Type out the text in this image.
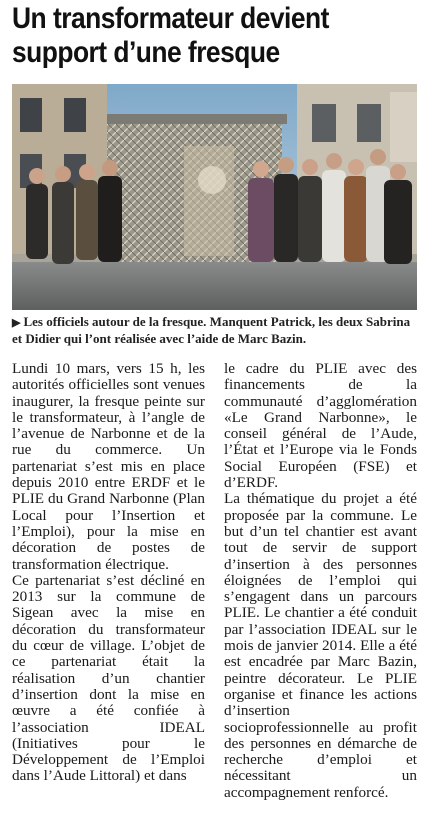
Un transformateur devient
support d’une fresque
▶ Les officiels autour de la fresque. Manquent Patrick, les deux Sabrina et Didier qui l’ont réalisée avec l’aide de Marc Bazin.

Lundi 10 mars, vers 15 h, les autorités officielles sont venues inaugurer, la fresque peinte sur le transformateur, à l’angle de l’avenue de Narbonne et de la rue du commerce. Un partenariat s’est mis en place depuis 2010 entre ERDF et le PLIE du Grand Narbonne (Plan Local pour l’Insertion et l’Emploi), pour la mise en décoration de postes de transformation électrique.

Ce partenariat s’est décliné en 2013 sur la commune de Sigean avec la mise en décoration du transformateur du cœur de village. L’objet de ce partenariat était la réalisation d’un chantier d’insertion dont la mise en œuvre a été confiée à l’association IDEAL (Initiatives pour le Développement de l’Emploi dans l’Aude Littoral) et dans

le cadre du PLIE avec des financements de la communauté d’agglomération «Le Grand Narbonne», le conseil général de l’Aude, l’État et l’Europe via le Fonds Social Européen (FSE) et d’ERDF.

La thématique du projet a été proposée par la commune. Le but d’un tel chantier est avant tout de servir de support d’insertion à des personnes éloignées de l’emploi qui s’engagent dans un parcours PLIE. Le chantier a été conduit par l’association IDEAL sur le mois de janvier 2014. Elle a été est encadrée par Marc Bazin, peintre décorateur. Le PLIE organise et finance les actions d’insertion socioprofessionnelle au profit des personnes en démarche de recherche d’emploi et nécessitant un accompagnement renforcé.
